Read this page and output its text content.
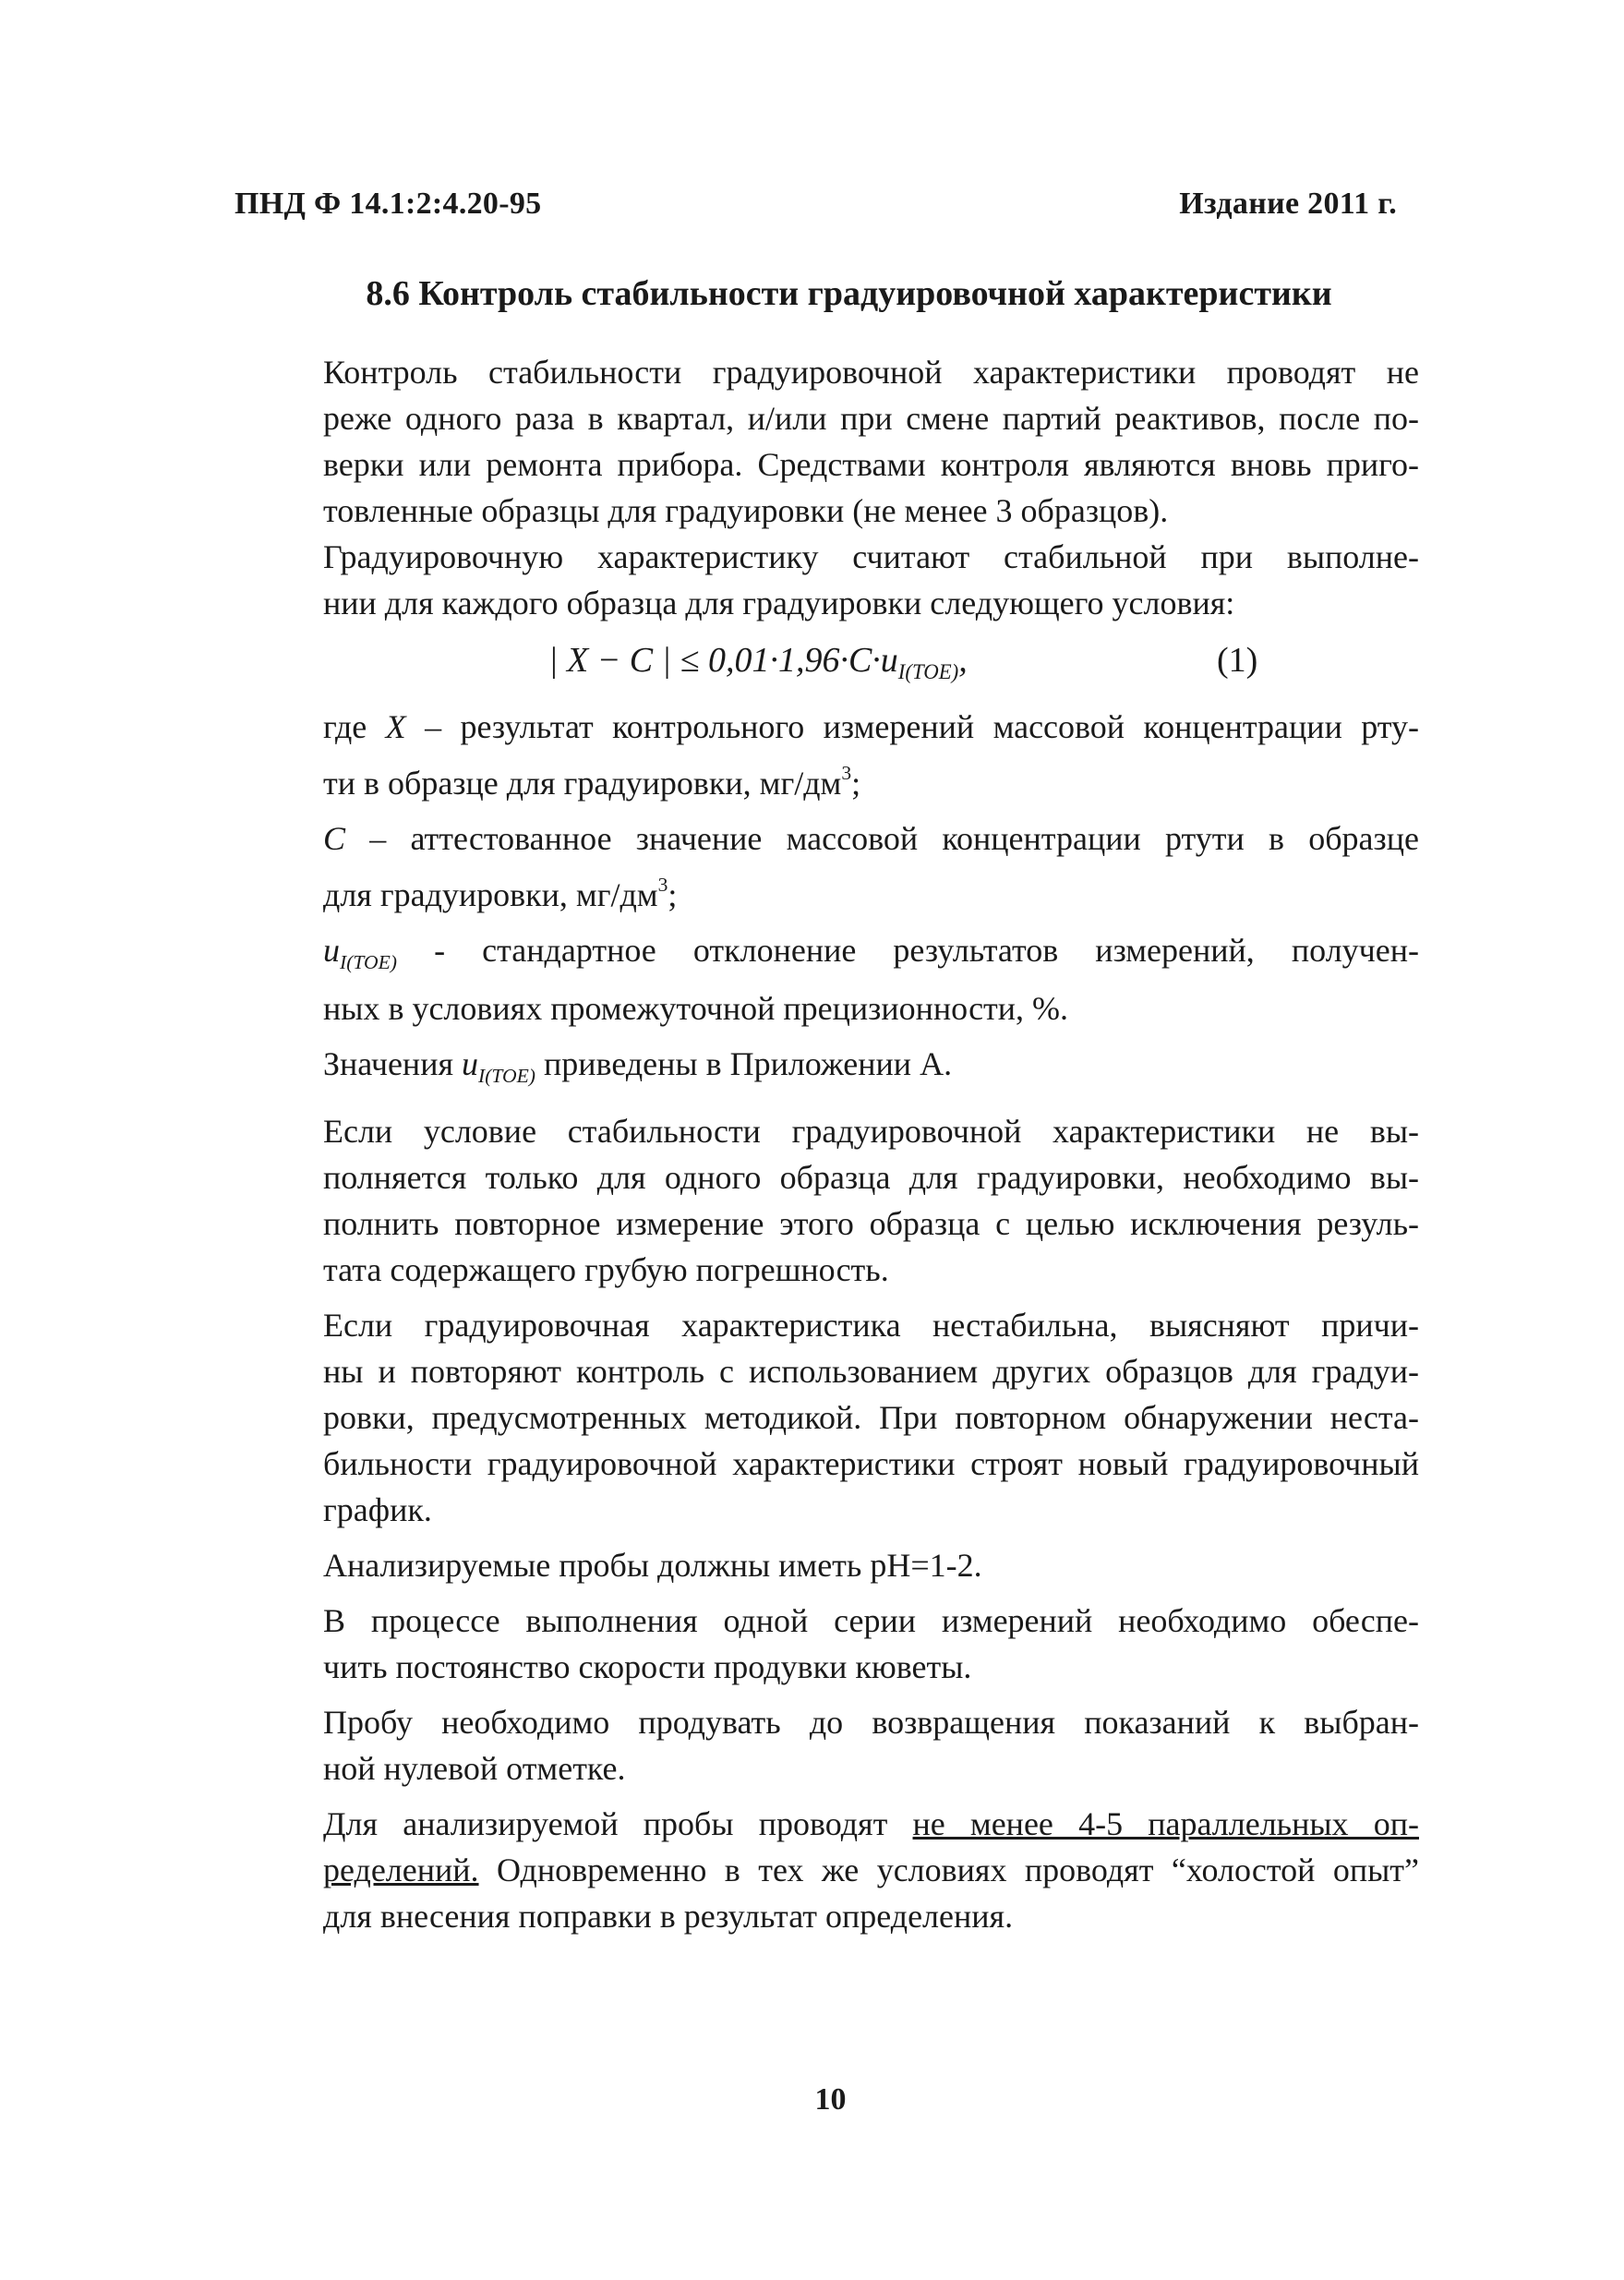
ПНД Ф 14.1:2:4.20-95	Издание 2011 г.
8.6 Контроль стабильности градуировочной характеристики

Контроль стабильности градуировочной характеристики проводят не
реже одного раза в квартал, и/или при смене партий реактивов, после по-
верки или ремонта прибора. Средствами контроля являются вновь приго-
товленные образцы для градуировки (не менее 3 образцов).

Градуировочную характеристику считают стабильной при выполне-
нии для каждого образца для градуировки следующего условия:

| X − C | ≤ $0,01\cdot 1,96\cdot C\cdot u_{I(TOE)}$,	(1)

где X – результат контрольного измерений массовой концентрации рту-
ти в образце для градуировки, $мг/дм^3$;

C – аттестованное значение массовой концентрации ртути в образце
для градуировки, $мг/дм^3$;

$u_{I(TOE)}$ - стандартное отклонение результатов измерений, получен-
ных в условиях промежуточной прецизионности, %.

Значения $u_{I(TOE)}$ приведены в Приложении А.

Если условие стабильности градуировочной характеристики не вы-
полняется только для одного образца для градуировки, необходимо вы-
полнить повторное измерение этого образца с целью исключения резуль-
тата содержащего грубую погрешность.

Если градуировочная характеристика нестабильна, выясняют причи-
ны и повторяют контроль с использованием других образцов для градуи-
ровки, предусмотренных методикой. При повторном обнаружении неста-
бильности градуировочной характеристики строят новый градуировочный
график.

Анализируемые пробы должны иметь pH=1-2.

В процессе выполнения одной серии измерений необходимо обеспе-
чить постоянство скорости продувки кюветы.

Пробу необходимо продувать до возвращения показаний к выбран-
ной нулевой отметке.

Для анализируемой пробы проводят не менее 4-5 параллельных оп-
ределений. Одновременно в тех же условиях проводят “холостой опыт”
для внесения поправки в результат определения.

10
